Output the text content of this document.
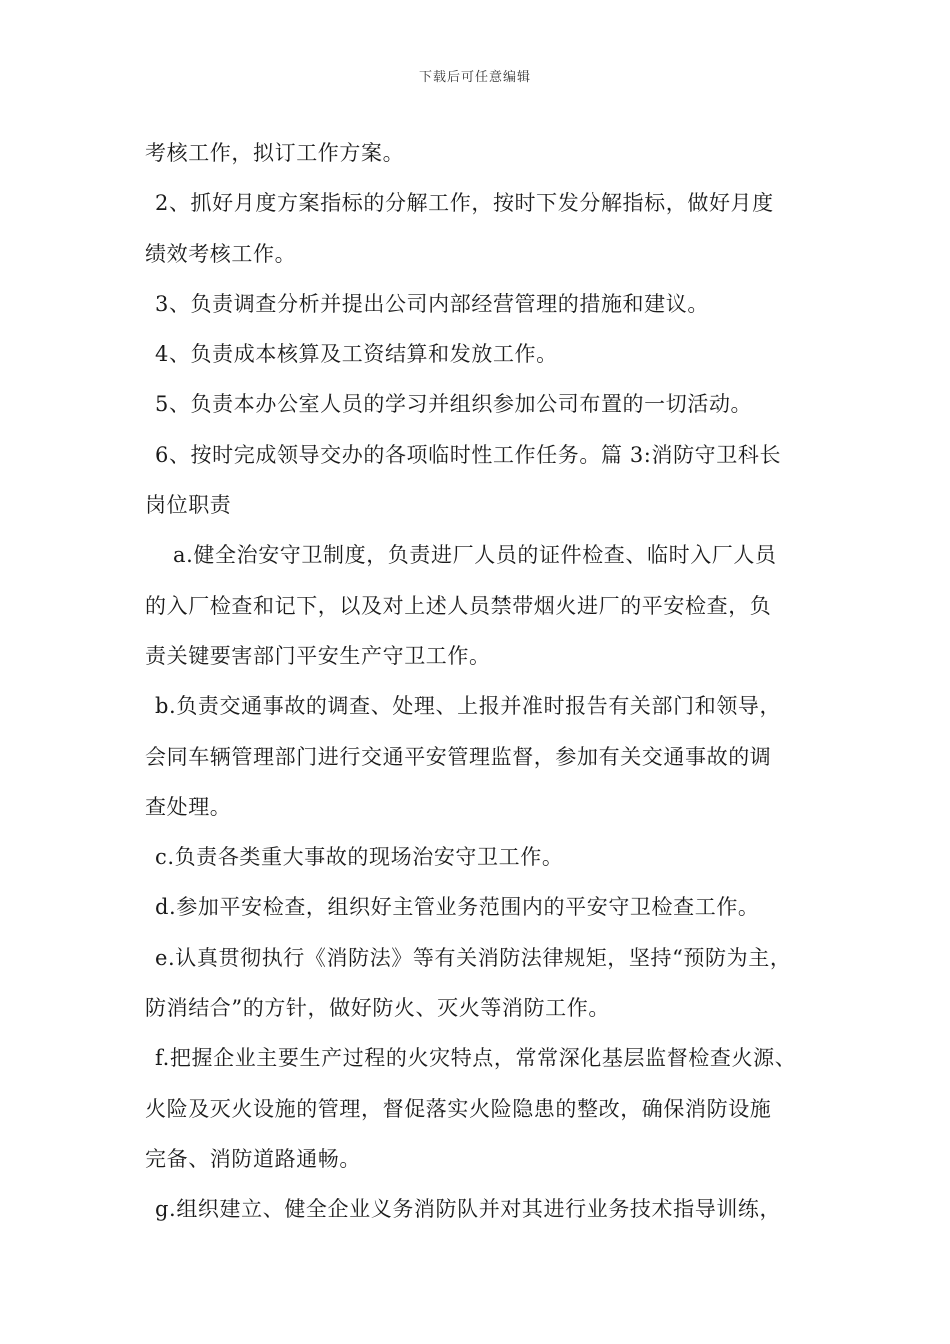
下载后可任意编辑
考核工作，拟订工作方案。
2、抓好月度方案指标的分解工作，按时下发分解指标，做好月度
绩效考核工作。
3、负责调查分析并提出公司内部经营管理的措施和建议。
4、负责成本核算及工资结算和发放工作。
5、负责本办公室人员的学习并组织参加公司布置的一切活动。
6、按时完成领导交办的各项临时性工作任务。篇 3:消防守卫科长
岗位职责
a.健全治安守卫制度，负责进厂人员的证件检查、临时入厂人员
的入厂检查和记下，以及对上述人员禁带烟火进厂的平安检查，负
责关键要害部门平安生产守卫工作。
b.负责交通事故的调查、处理、上报并准时报告有关部门和领导，
会同车辆管理部门进行交通平安管理监督，参加有关交通事故的调
查处理。
c.负责各类重大事故的现场治安守卫工作。
d.参加平安检查，组织好主管业务范围内的平安守卫检查工作。
e.认真贯彻执行《消防法》等有关消防法律规矩，坚持“预防为主，
防消结合”的方针，做好防火、灭火等消防工作。
f.把握企业主要生产过程的火灾特点，常常深化基层监督检查火源、
火险及灭火设施的管理，督促落实火险隐患的整改，确保消防设施
完备、消防道路通畅。
g.组织建立、健全企业义务消防队并对其进行业务技术指导训练，
